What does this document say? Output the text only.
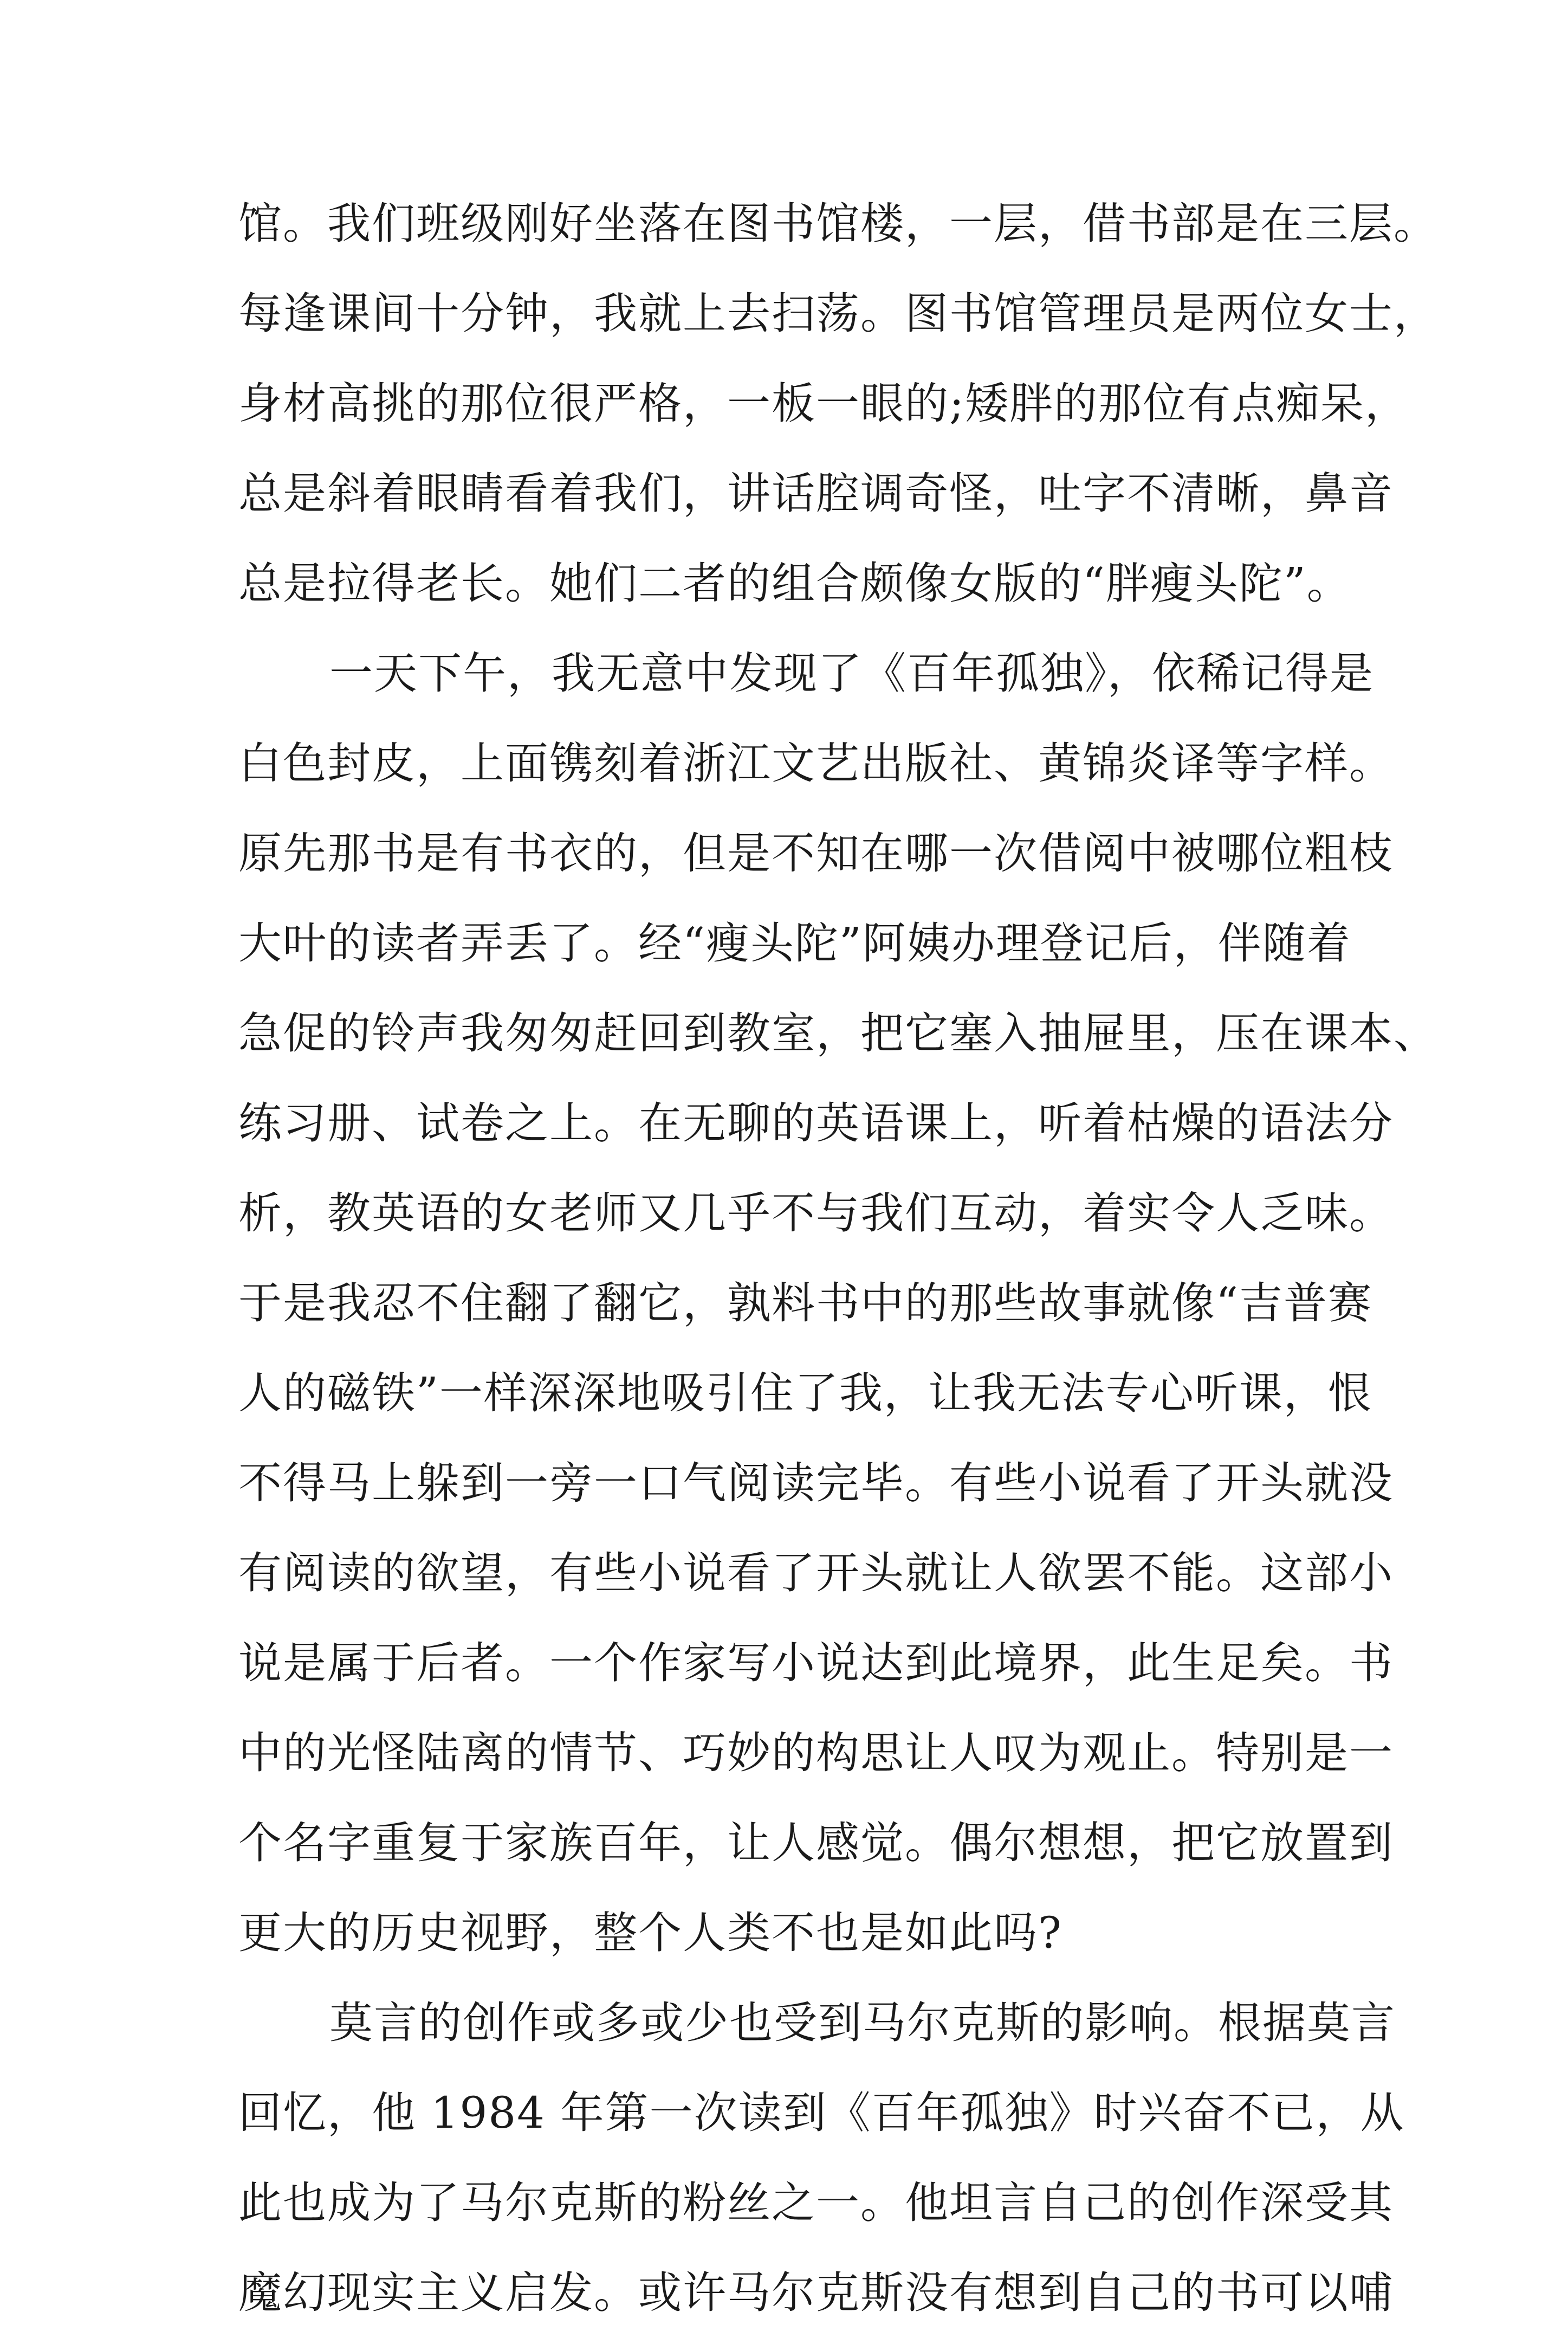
馆。我们班级刚好坐落在图书馆楼，一层，借书部是在三层。
每逢课间十分钟，我就上去扫荡。图书馆管理员是两位女士，
身材高挑的那位很严格，一板一眼的;矮胖的那位有点痴呆，
总是斜着眼睛看着我们，讲话腔调奇怪，吐字不清晰，鼻音
总是拉得老长。她们二者的组合颇像女版的“胖瘦头陀”。
一天下午，我无意中发现了《百年孤独》，依稀记得是
白色封皮，上面镌刻着浙江文艺出版社、黄锦炎译等字样。
原先那书是有书衣的，但是不知在哪一次借阅中被哪位粗枝
大叶的读者弄丢了。经“瘦头陀”阿姨办理登记后，伴随着
急促的铃声我匆匆赶回到教室，把它塞入抽屉里，压在课本、
练习册、试卷之上。在无聊的英语课上，听着枯燥的语法分
析，教英语的女老师又几乎不与我们互动，着实令人乏味。
于是我忍不住翻了翻它，孰料书中的那些故事就像“吉普赛
人的磁铁”一样深深地吸引住了我，让我无法专心听课，恨
不得马上躲到一旁一口气阅读完毕。有些小说看了开头就没
有阅读的欲望，有些小说看了开头就让人欲罢不能。这部小
说是属于后者。一个作家写小说达到此境界，此生足矣。书
中的光怪陆离的情节、巧妙的构思让人叹为观止。特别是一
个名字重复于家族百年，让人感觉。偶尔想想，把它放置到
更大的历史视野，整个人类不也是如此吗?
莫言的创作或多或少也受到马尔克斯的影响。根据莫言
回忆，他 1984 年第一次读到《百年孤独》时兴奋不已，从
此也成为了马尔克斯的粉丝之一。他坦言自己的创作深受其
魔幻现实主义启发。或许马尔克斯没有想到自己的书可以哺
